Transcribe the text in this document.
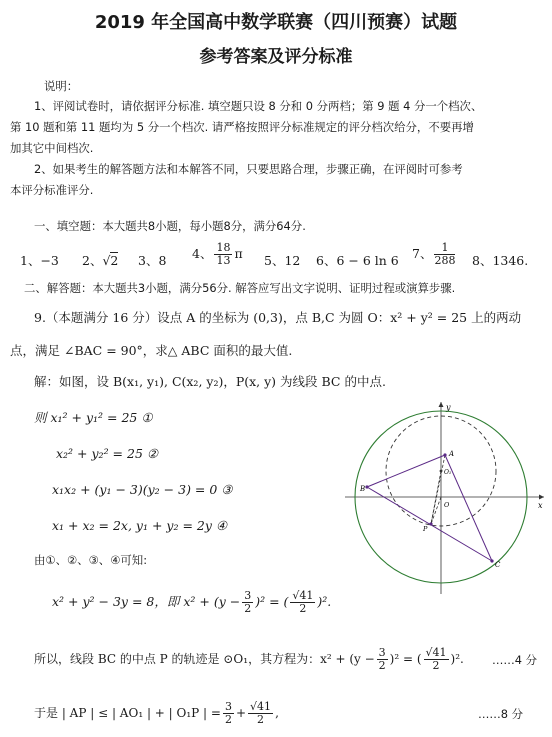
2019 年全国高中数学联赛（四川预赛）试题
参考答案及评分标准
说明：
1、评阅试卷时，请依据评分标准. 填空题只设 8 分和 0 分两档；第 9 题 4 分一个档次、
第 10 题和第 11 题均为 5 分一个档次. 请严格按照评分标准规定的评分档次给分，不要再增
加其它中间档次.
2、如果考生的解答题方法和本解答不同，只要思路合理，步骤正确，在评阅时可参考
本评分标准评分.
一、填空题：本大题共8小题，每小题8分，满分64分.
1、−3 2、√2 3、8 4、 $\frac{18}{13}$ π 5、12 6、6 − 6 ln 6 7、 $\frac{1}{288} 8$、1346.
二、解答题：本大题共3小题，满分56分. 解答应写出文字说明、证明过程或演算步骤.
9.（本题满分 16 分）设点 A 的坐标为 (0,3)，点 B,C 为圆 O：x² + y² = 25 上的两动
点，满足 ∠BAC = 90°，求△ ABC 面积的最大值.
解：如图，设 B(x₁, y₁), C(x₂, y₂)，P(x, y) 为线段 BC 的中点.
则 x₁² + y₁² = 25 ①
x₂² + y₂² = 25 ②
x₁x₂ + (y₁ − 3)(y₂ − 3) = 0 ③
x₁ + x₂ = 2x, y₁ + y₂ = 2y ④
由①、②、③、④可知:
x² + y² − 3y = 8，即 $x^2 + (y - \frac{3}{2} )^2$ = ( $\frac{√41}{2} )^2$.
所以，线段 BC 的中点 P 的轨迹是 ⊙O₁，其方程为：$x^2 + (y - \frac{3}{2} )^2$ = ( $\frac{√41}{2} )^2$. ……4 分
于是 | AP | ≤ | AO₁ | + | O₁P | = $\frac{3}{2} + \frac{√41}{2}$ ,	……8 分
y
x
A
B
C
O
O₁
P
